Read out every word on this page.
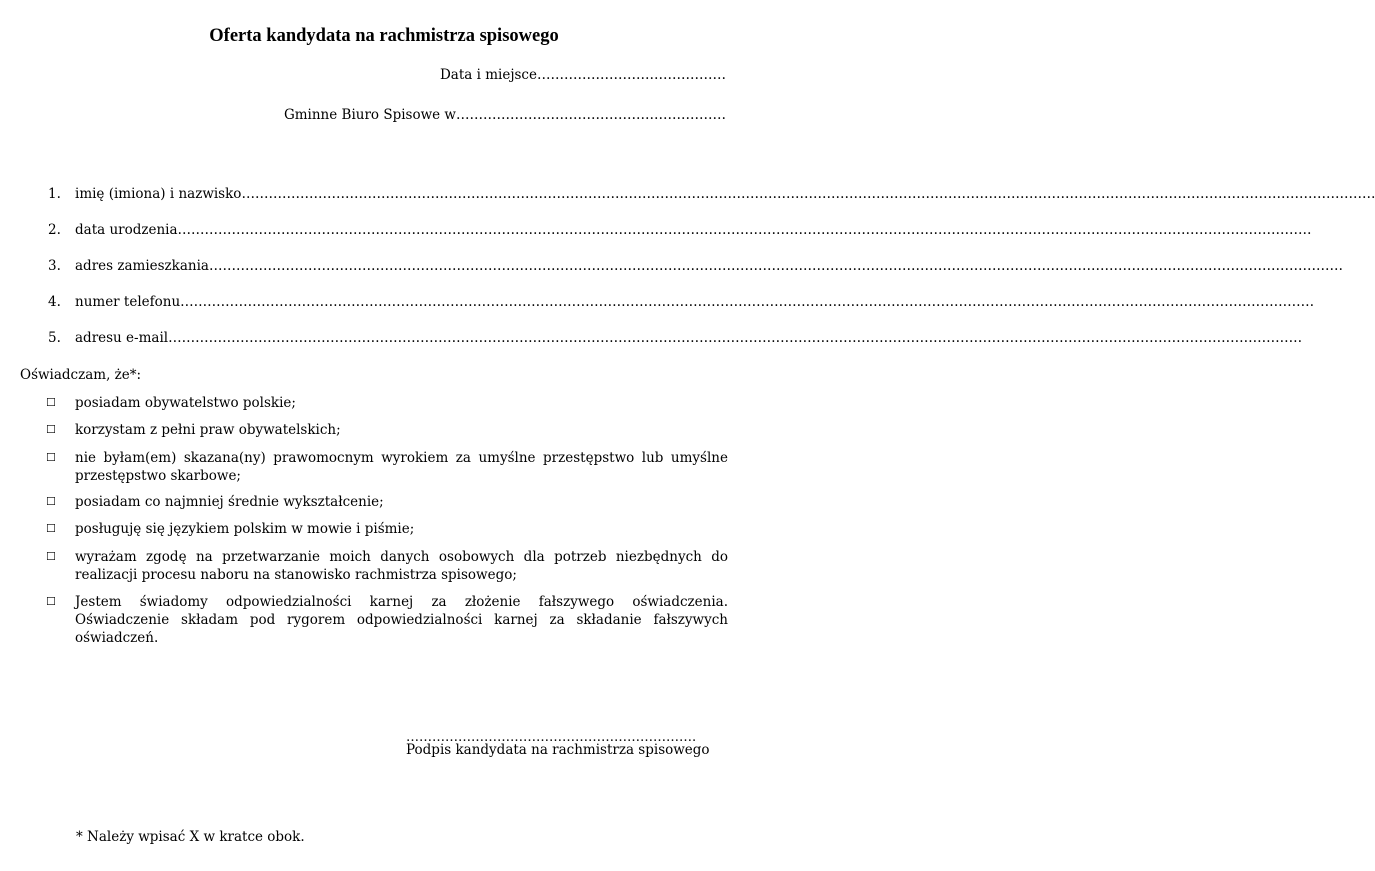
Oferta kandydata na rachmistrza spisowego
Data i miejsce……………………………………
Gminne Biuro Spisowe w……………………………………………………
1.	imię (imiona) i nazwisko ………………………………………………………………………………………………………………………………………………………………………………………………………………………………
2.	data urodzenia ………………………………………………………………………………………………………………………………………………………………………………………………………………………………
3.	adres zamieszkania ………………………………………………………………………………………………………………………………………………………………………………………………………………………………
4.	numer telefonu ………………………………………………………………………………………………………………………………………………………………………………………………………………………………
5.	adresu e-mail ………………………………………………………………………………………………………………………………………………………………………………………………………………………………
Oświadczam, że*:
☐	posiadam obywatelstwo polskie;
☐	korzystam z pełni praw obywatelskich;
☐	nie byłam(em) skazana(ny) prawomocnym wyrokiem za umyślne przestępstwo lub umyślne przestępstwo skarbowe;
☐	posiadam co najmniej średnie wykształcenie;
☐	posługuję się językiem polskim w mowie i piśmie;
☐	wyrażam zgodę na przetwarzanie moich danych osobowych dla potrzeb niezbędnych do realizacji procesu naboru na stanowisko rachmistrza spisowego;
☐	Jestem świadomy odpowiedzialności karnej za złożenie fałszywego oświadczenia. Oświadczenie składam pod rygorem odpowiedzialności karnej za składanie fałszywych oświadczeń.
………………………………………………………….
Podpis kandydata na rachmistrza spisowego
* Należy wpisać X w kratce obok.
